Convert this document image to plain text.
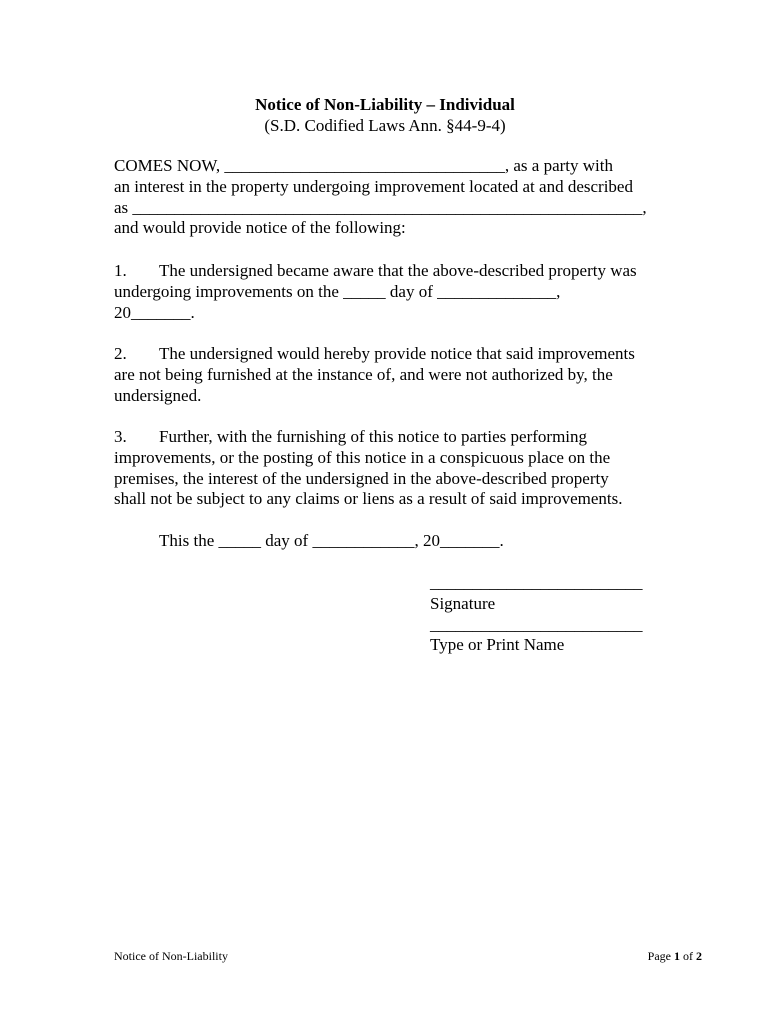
Notice of Non-Liability – Individual
(S.D. Codified Laws Ann. §44-9-4)
COMES NOW, _________________________________, as a party with
an interest in the property undergoing improvement located at and described
as ____________________________________________________________,
and would provide notice of the following:
1. The undersigned became aware that the above-described property was
undergoing improvements on the _____ day of ______________,
20_______.
2. The undersigned would hereby provide notice that said improvements
are not being furnished at the instance of, and were not authorized by, the
undersigned.
3. Further, with the furnishing of this notice to parties performing
improvements, or the posting of this notice in a conspicuous place on the
premises, the interest of the undersigned in the above-described property
shall not be subject to any claims or liens as a result of said improvements.
This the _____ day of ____________, 20_______.
_________________________
Signature
_________________________
Type or Print Name
Notice of Non-Liability	Page 1 of 2
